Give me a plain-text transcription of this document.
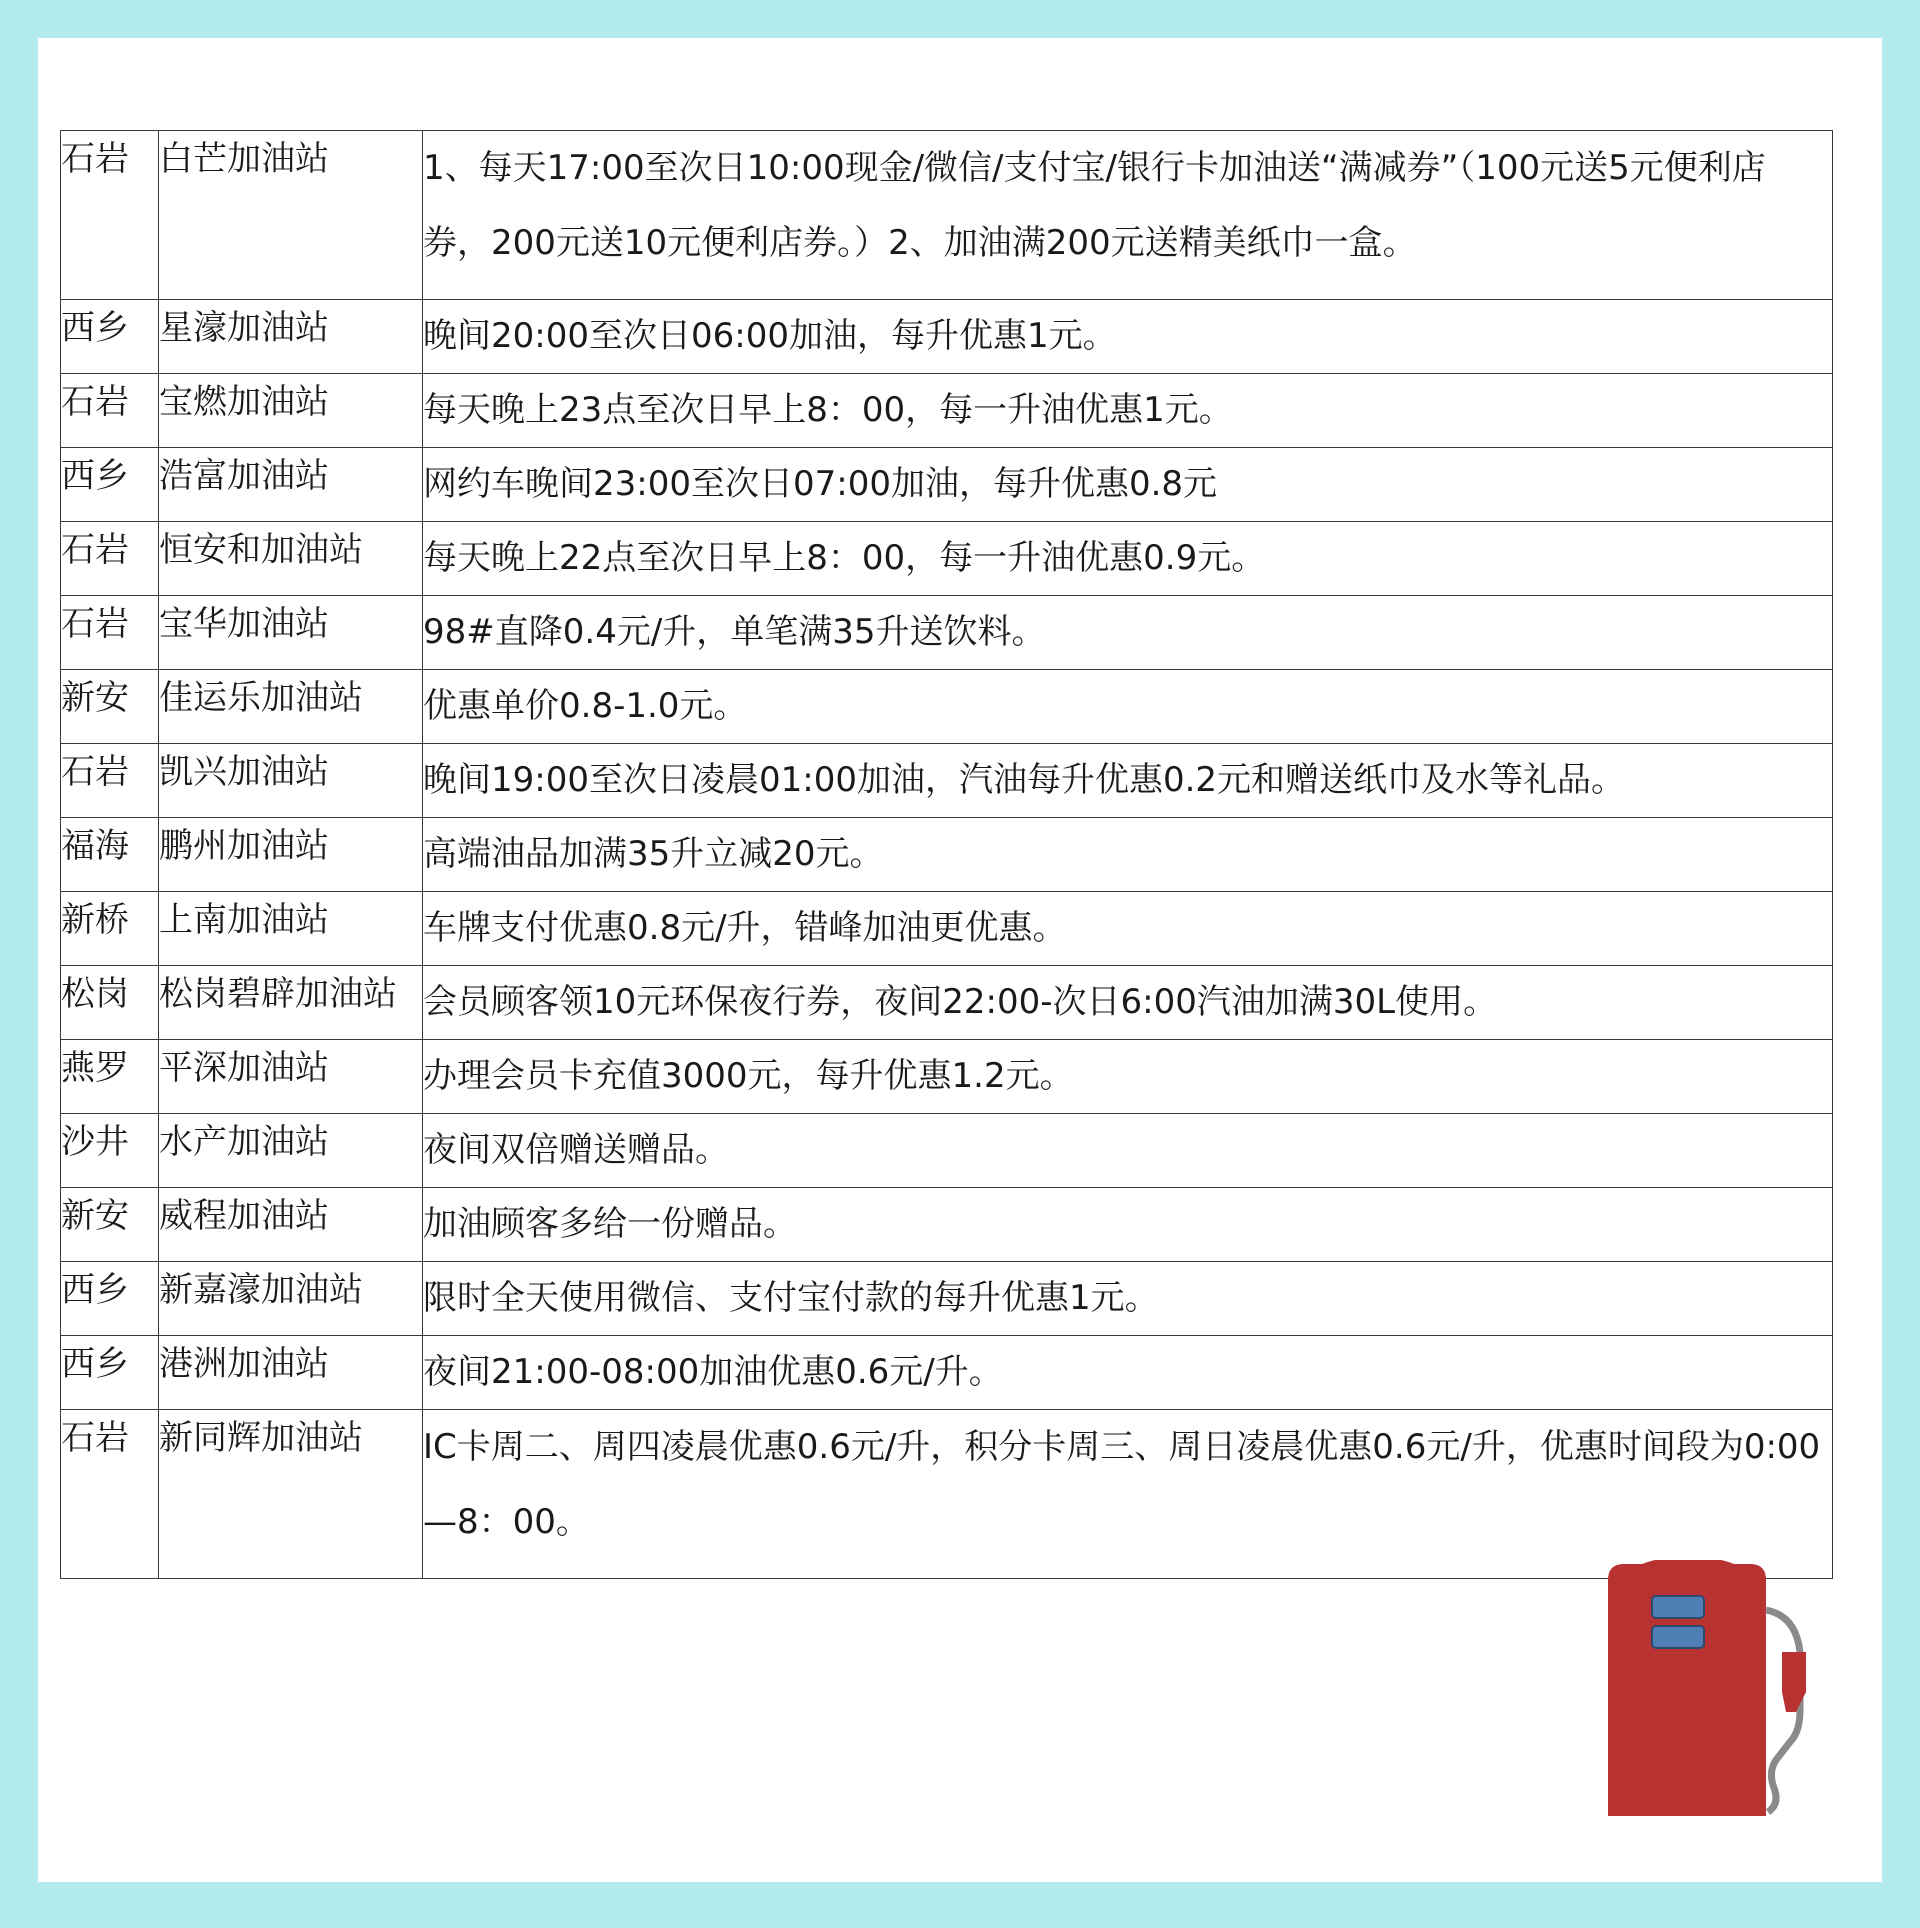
石岩	白芒加油站	1、每天17:00至次日10:00现金/微信/支付宝/银行卡加油送“满减券”（100元送5元便利店券，200元送10元便利店券。）2、加油满200元送精美纸巾一盒。
西乡	星濠加油站	晚间20:00至次日06:00加油，每升优惠1元。
石岩	宝燃加油站	每天晚上23点至次日早上8：00，每一升油优惠1元。
西乡	浩富加油站	网约车晚间23:00至次日07:00加油，每升优惠0.8元
石岩	恒安和加油站	每天晚上22点至次日早上8：00，每一升油优惠0.9元。
石岩	宝华加油站	98#直降0.4元/升，单笔满35升送饮料。
新安	佳运乐加油站	优惠单价0.8-1.0元。
石岩	凯兴加油站	晚间19:00至次日凌晨01:00加油，汽油每升优惠0.2元和赠送纸巾及水等礼品。
福海	鹏州加油站	高端油品加满35升立减20元。
新桥	上南加油站	车牌支付优惠0.8元/升，错峰加油更优惠。
松岗	松岗碧辟加油站	会员顾客领10元环保夜行券，夜间22:00-次日6:00汽油加满30L使用。
燕罗	平深加油站	办理会员卡充值3000元，每升优惠1.2元。
沙井	水产加油站	夜间双倍赠送赠品。
新安	威程加油站	加油顾客多给一份赠品。
西乡	新嘉濠加油站	限时全天使用微信、支付宝付款的每升优惠1元。
西乡	港洲加油站	夜间21:00-08:00加油优惠0.6元/升。
石岩	新同辉加油站	IC卡周二、周四凌晨优惠0.6元/升，积分卡周三、周日凌晨优惠0.6元/升，优惠时间段为0:00—8：00。
